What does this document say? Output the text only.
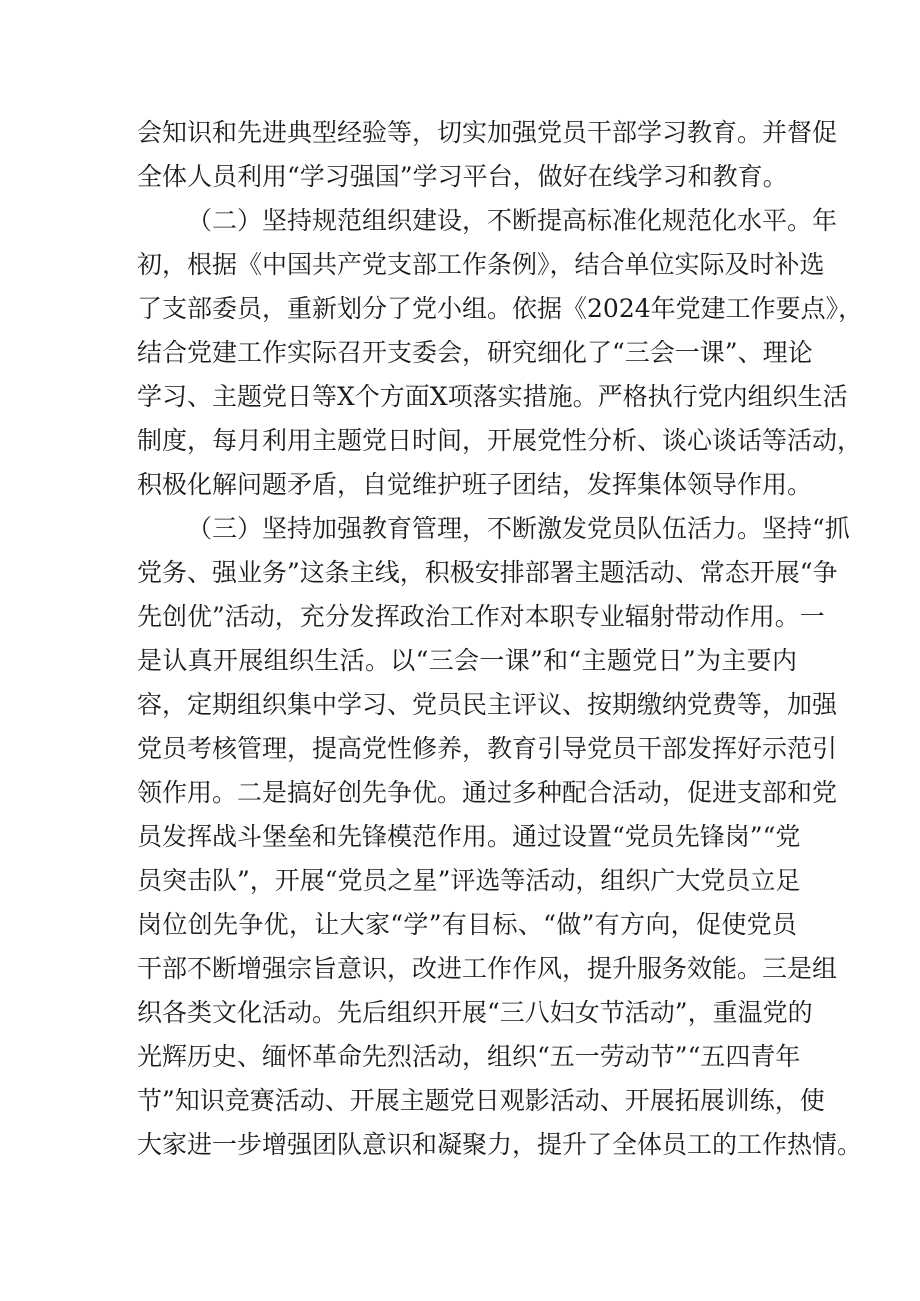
会知识和先进典型经验等，切实加强党员干部学习教育。并督促
全体人员利用“学习强国”学习平台，做好在线学习和教育。
（二）坚持规范组织建设，不断提高标准化规范化水平。年
初，根据《中国共产党支部工作条例》，结合单位实际及时补选
了支部委员，重新划分了党小组。依据《2024年党建工作要点》，
结合党建工作实际召开支委会，研究细化了“三会一课”、理论
学习、主题党日等X个方面X项落实措施。严格执行党内组织生活
制度，每月利用主题党日时间，开展党性分析、谈心谈话等活动，
积极化解问题矛盾，自觉维护班子团结，发挥集体领导作用。
（三）坚持加强教育管理，不断激发党员队伍活力。坚持“抓
党务、强业务”这条主线，积极安排部署主题活动、常态开展“争
先创优”活动，充分发挥政治工作对本职专业辐射带动作用。一
是认真开展组织生活。以“三会一课”和“主题党日”为主要内
容，定期组织集中学习、党员民主评议、按期缴纳党费等，加强
党员考核管理，提高党性修养，教育引导党员干部发挥好示范引
领作用。二是搞好创先争优。通过多种配合活动，促进支部和党
员发挥战斗堡垒和先锋模范作用。通过设置“党员先锋岗”“党
员突击队”，开展“党员之星”评选等活动，组织广大党员立足
岗位创先争优，让大家“学”有目标、“做”有方向，促使党员
干部不断增强宗旨意识，改进工作作风，提升服务效能。三是组
织各类文化活动。先后组织开展“三八妇女节活动”，重温党的
光辉历史、缅怀革命先烈活动，组织“五一劳动节”“五四青年
节”知识竞赛活动、开展主题党日观影活动、开展拓展训练，使
大家进一步增强团队意识和凝聚力，提升了全体员工的工作热情。
